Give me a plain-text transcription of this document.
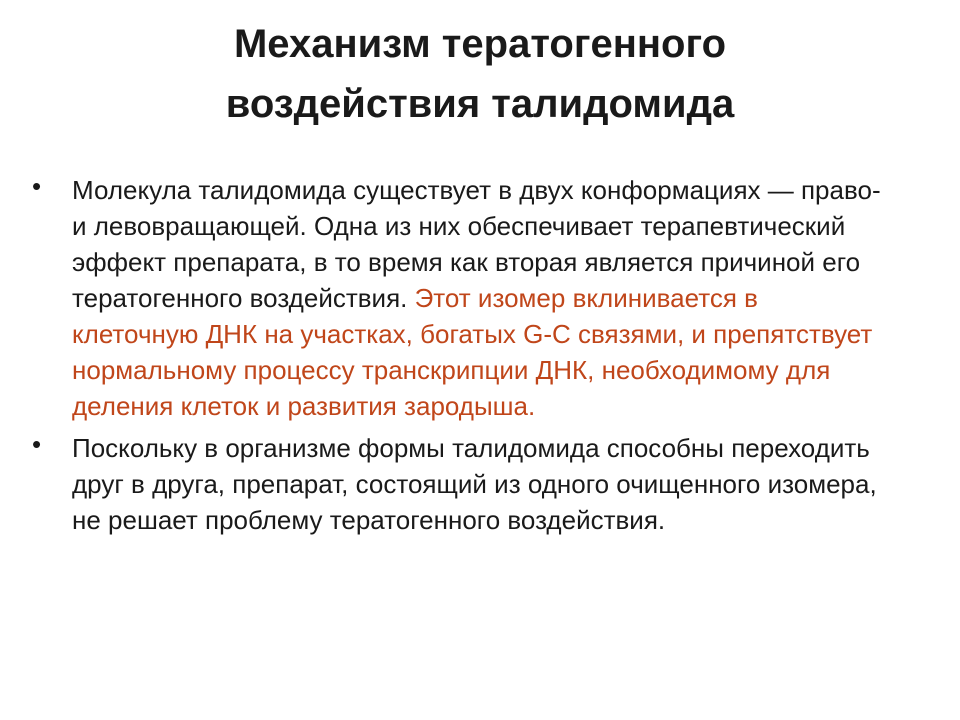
Механизм тератогенного
воздействия талидомида
• Молекула талидомида существует в двух конформациях — право- и левовращающей. Одна из них обеспечивает терапевтический эффект препарата, в то время как вторая является причиной его тератогенного воздействия. Этот изомер вклинивается в клеточную ДНК на участках, богатых G-C связями, и препятствует нормальному процессу транскрипции ДНК, необходимому для деления клеток и развития зародыша.
• Поскольку в организме формы талидомида способны переходить друг в друга, препарат, состоящий из одного очищенного изомера, не решает проблему тератогенного воздействия.
